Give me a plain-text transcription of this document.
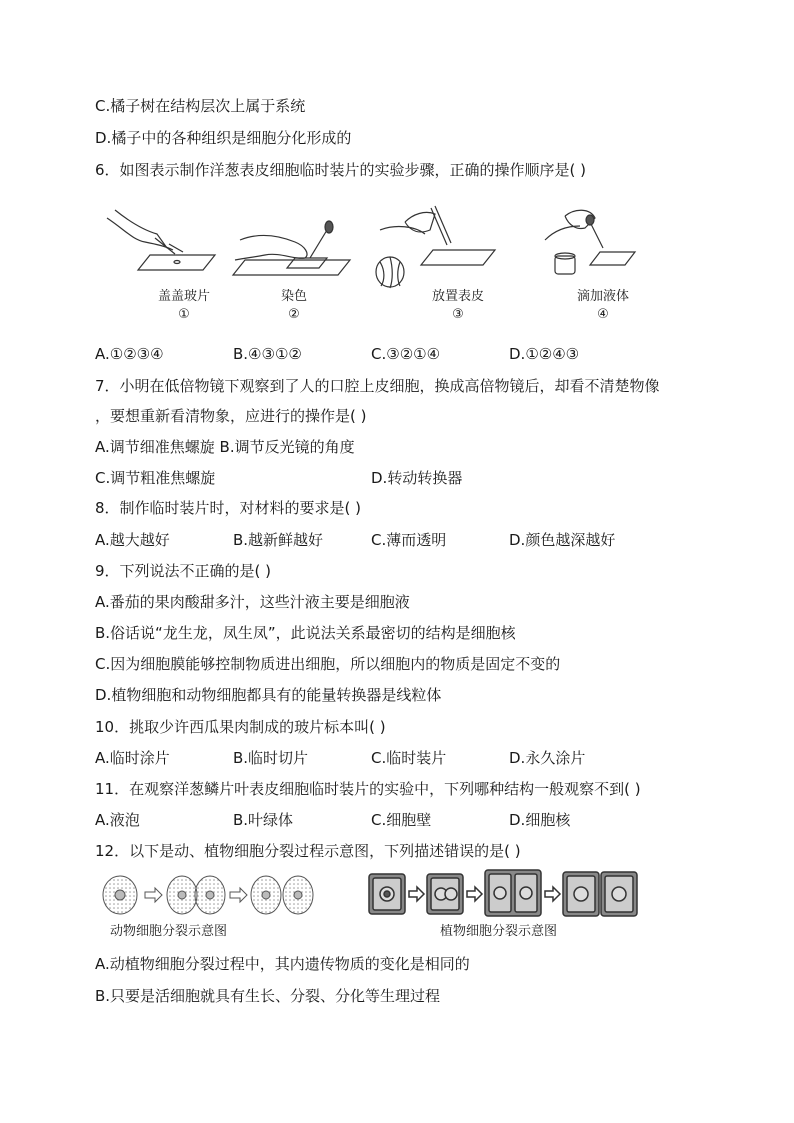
C.橘子树在结构层次上属于系统
D.橘子中的各种组织是细胞分化形成的
6．如图表示制作洋葱表皮细胞临时装片的实验步骤，正确的操作顺序是( )
盖盖玻片
①
染色
②
放置表皮
③
滴加液体
④
A.①②③④	B.④③①②	C.③②①④	D.①②④③
7．小明在低倍物镜下观察到了人的口腔上皮细胞，换成高倍物镜后，却看不清楚物像
，要想重新看清物象，应进行的操作是( )
A.调节细准焦螺旋 B.调节反光镜的角度
C.调节粗准焦螺旋	D.转动转换器
8．制作临时装片时，对材料的要求是( )
A.越大越好	B.越新鲜越好	C.薄而透明	D.颜色越深越好
9．下列说法不正确的是( )
A.番茄的果肉酸甜多汁，这些汁液主要是细胞液
B.俗话说“龙生龙，凤生凤”，此说法关系最密切的结构是细胞核
C.因为细胞膜能够控制物质进出细胞，所以细胞内的物质是固定不变的
D.植物细胞和动物细胞都具有的能量转换器是线粒体
10．挑取少许西瓜果肉制成的玻片标本叫( )
A.临时涂片	B.临时切片	C.临时装片	D.永久涂片
11．在观察洋葱鳞片叶表皮细胞临时装片的实验中，下列哪种结构一般观察不到( )
A.液泡	B.叶绿体	C.细胞壁	D.细胞核
12．以下是动、植物细胞分裂过程示意图，下列描述错误的是( )
动物细胞分裂示意图	植物细胞分裂示意图
A.动植物细胞分裂过程中，其内遗传物质的变化是相同的
B.只要是活细胞就具有生长、分裂、分化等生理过程
